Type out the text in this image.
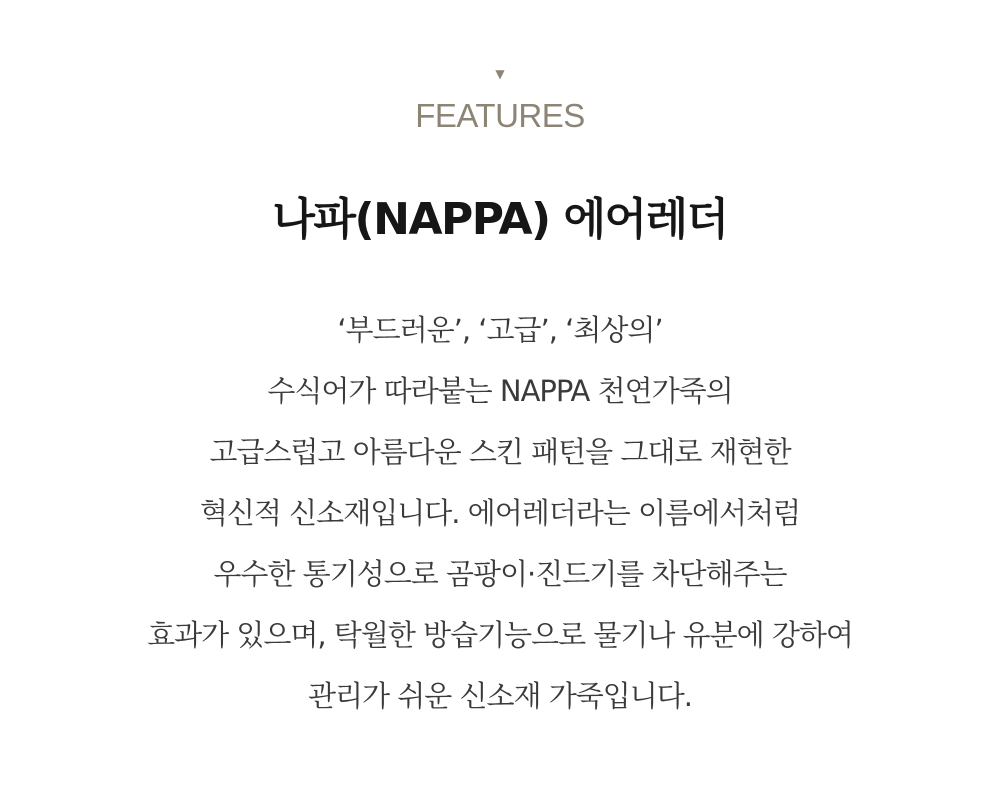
▼
FEATURES
나파(NAPPA) 에어레더
‘부드러운’, ‘고급’, ‘최상의’
수식어가 따라붙는 NAPPA 천연가죽의
고급스럽고 아름다운 스킨 패턴을 그대로 재현한
혁신적 신소재입니다. 에어레더라는 이름에서처럼
우수한 통기성으로 곰팡이·진드기를 차단해주는
효과가 있으며, 탁월한 방습기능으로 물기나 유분에 강하여
관리가 쉬운 신소재 가죽입니다.
